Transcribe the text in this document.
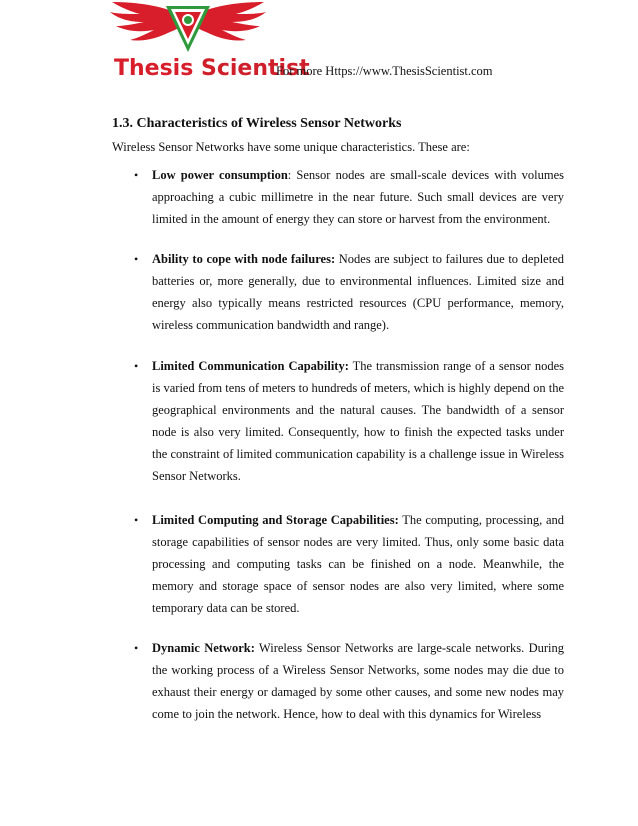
Thesis Scientist
For more Https://www.ThesisScientist.com
1.3. Characteristics of Wireless Sensor Networks
Wireless Sensor Networks have some unique characteristics. These are:
• Low power consumption: Sensor nodes are small-scale devices with volumes approaching a cubic millimetre in the near future. Such small devices are very limited in the amount of energy they can store or harvest from the environment.
• Ability to cope with node failures: Nodes are subject to failures due to depleted batteries or, more generally, due to environmental influences. Limited size and energy also typically means restricted resources (CPU performance, memory, wireless communication bandwidth and range).
• Limited Communication Capability: The transmission range of a sensor nodes is varied from tens of meters to hundreds of meters, which is highly depend on the geographical environments and the natural causes. The bandwidth of a sensor node is also very limited. Consequently, how to finish the expected tasks under the constraint of limited communication capability is a challenge issue in Wireless Sensor Networks.
• Limited Computing and Storage Capabilities: The computing, processing, and storage capabilities of sensor nodes are very limited. Thus, only some basic data processing and computing tasks can be finished on a node. Meanwhile, the memory and storage space of sensor nodes are also very limited, where some temporary data can be stored.
• Dynamic Network: Wireless Sensor Networks are large-scale networks. During the working process of a Wireless Sensor Networks, some nodes may die due to exhaust their energy or damaged by some other causes, and some new nodes may come to join the network. Hence, how to deal with this dynamics for Wireless
